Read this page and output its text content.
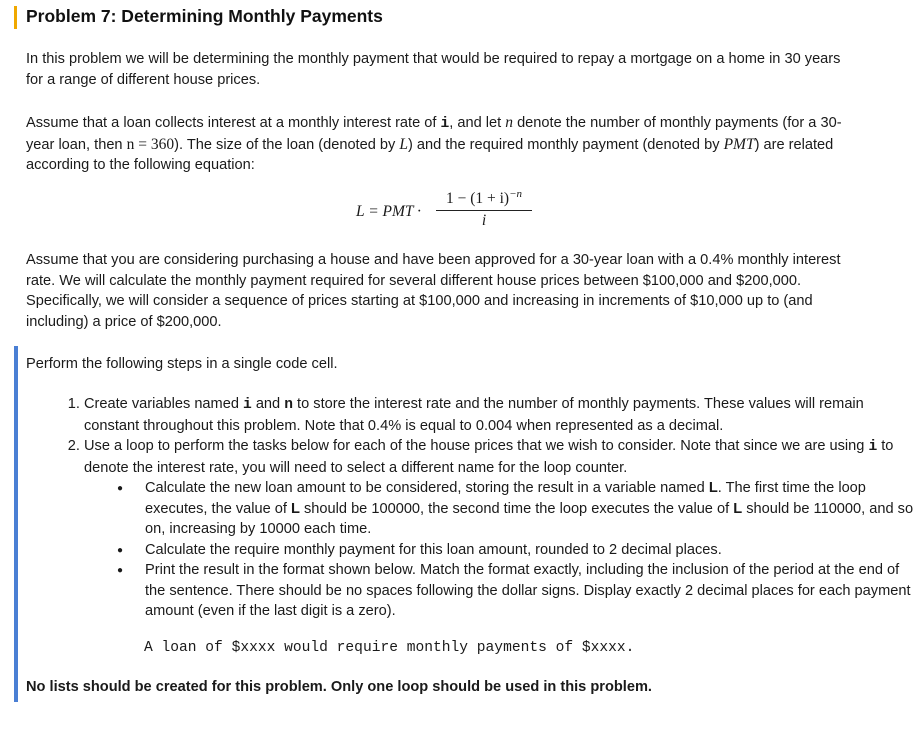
Problem 7: Determining Monthly Payments
In this problem we will be determining the monthly payment that would be required to repay a mortgage on a home in 30 years for a range of different house prices.
Assume that a loan collects interest at a monthly interest rate of i, and let n denote the number of monthly payments (for a 30-year loan, then n = 360). The size of the loan (denoted by L) and the required monthly payment (denoted by PMT) are related according to the following equation:
L = PMT ·
$1 - (1 + i)^{-n}$
i
Assume that you are considering purchasing a house and have been approved for a 30-year loan with a 0.4% monthly interest rate. We will calculate the monthly payment required for several different house prices between $100,000 and $200,000. Specifically, we will consider a sequence of prices starting at $100,000 and increasing in increments of $10,000 up to (and including) a price of $200,000.
Perform the following steps in a single code cell.
1. Create variables named i and n to store the interest rate and the number of monthly payments. These values will remain constant throughout this problem. Note that 0.4% is equal to 0.004 when represented as a decimal.
2. Use a loop to perform the tasks below for each of the house prices that we wish to consider. Note that since we are using i to denote the interest rate, you will need to select a different name for the loop counter.
● Calculate the new loan amount to be considered, storing the result in a variable named L. The first time the loop executes, the value of L should be 100000, the second time the loop executes the value of L should be 110000, and so on, increasing by 10000 each time.
● Calculate the require monthly payment for this loan amount, rounded to 2 decimal places.
● Print the result in the format shown below. Match the format exactly, including the inclusion of the period at the end of the sentence. There should be no spaces following the dollar signs. Display exactly 2 decimal places for each payment amount (even if the last digit is a zero).
A loan of $xxxx would require monthly payments of $xxxx.
No lists should be created for this problem. Only one loop should be used in this problem.
